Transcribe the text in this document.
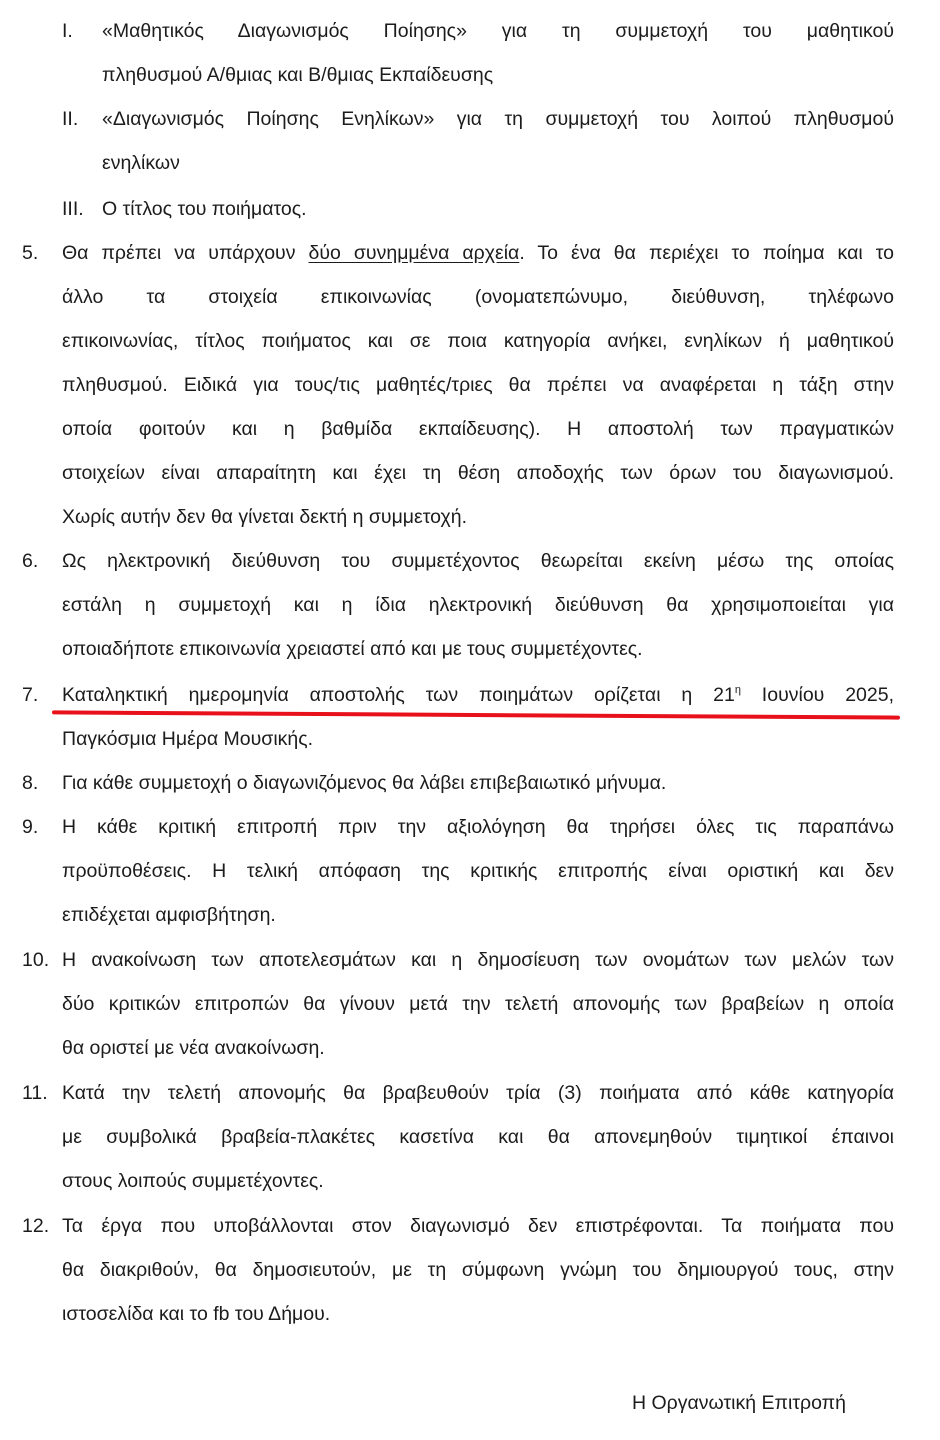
I. «Μαθητικός Διαγωνισμός Ποίησης» για τη συμμετοχή του μαθητικού
πληθυσμού Α/θμιας και Β/θμιας Εκπαίδευσης
II. «Διαγωνισμός Ποίησης Ενηλίκων» για τη συμμετοχή του λοιπού πληθυσμού
ενηλίκων
III. Ο τίτλος του ποιήματος.
5. Θα πρέπει να υπάρχουν δύο συνημμένα αρχεία. Το ένα θα περιέχει το ποίημα και το
άλλο τα στοιχεία επικοινωνίας (ονοματεπώνυμο, διεύθυνση, τηλέφωνο
επικοινωνίας, τίτλος ποιήματος και σε ποια κατηγορία ανήκει, ενηλίκων ή μαθητικού
πληθυσμού. Ειδικά για τους/τις μαθητές/τριες θα πρέπει να αναφέρεται η τάξη στην
οποία φοιτούν και η βαθμίδα εκπαίδευσης). Η αποστολή των πραγματικών
στοιχείων είναι απαραίτητη και έχει τη θέση αποδοχής των όρων του διαγωνισμού.
Χωρίς αυτήν δεν θα γίνεται δεκτή η συμμετοχή.
6. Ως ηλεκτρονική διεύθυνση του συμμετέχοντος θεωρείται εκείνη μέσω της οποίας
εστάλη η συμμετοχή και η ίδια ηλεκτρονική διεύθυνση θα χρησιμοποιείται για
οποιαδήποτε επικοινωνία χρειαστεί από και με τους συμμετέχοντες.
7. Καταληκτική ημερομηνία αποστολής των ποιημάτων ορίζεται η $21^\eta$ Ιουνίου 2025,
Παγκόσμια Ημέρα Μουσικής.
8. Για κάθε συμμετοχή ο διαγωνιζόμενος θα λάβει επιβεβαιωτικό μήνυμα.
9. Η κάθε κριτική επιτροπή πριν την αξιολόγηση θα τηρήσει όλες τις παραπάνω
προϋποθέσεις. Η τελική απόφαση της κριτικής επιτροπής είναι οριστική και δεν
επιδέχεται αμφισβήτηση.
10. Η ανακοίνωση των αποτελεσμάτων και η δημοσίευση των ονομάτων των μελών των
δύο κριτικών επιτροπών θα γίνουν μετά την τελετή απονομής των βραβείων η οποία
θα οριστεί με νέα ανακοίνωση.
11. Κατά την τελετή απονομής θα βραβευθούν τρία (3) ποιήματα από κάθε κατηγορία
με συμβολικά βραβεία-πλακέτες κασετίνα και θα απονεμηθούν τιμητικοί έπαινοι
στους λοιπούς συμμετέχοντες.
12. Τα έργα που υποβάλλονται στον διαγωνισμό δεν επιστρέφονται. Τα ποιήματα που
θα διακριθούν, θα δημοσιευτούν, με τη σύμφωνη γνώμη του δημιουργού τους, στην
ιστοσελίδα και το fb του Δήμου.
Η Οργανωτική Επιτροπή
